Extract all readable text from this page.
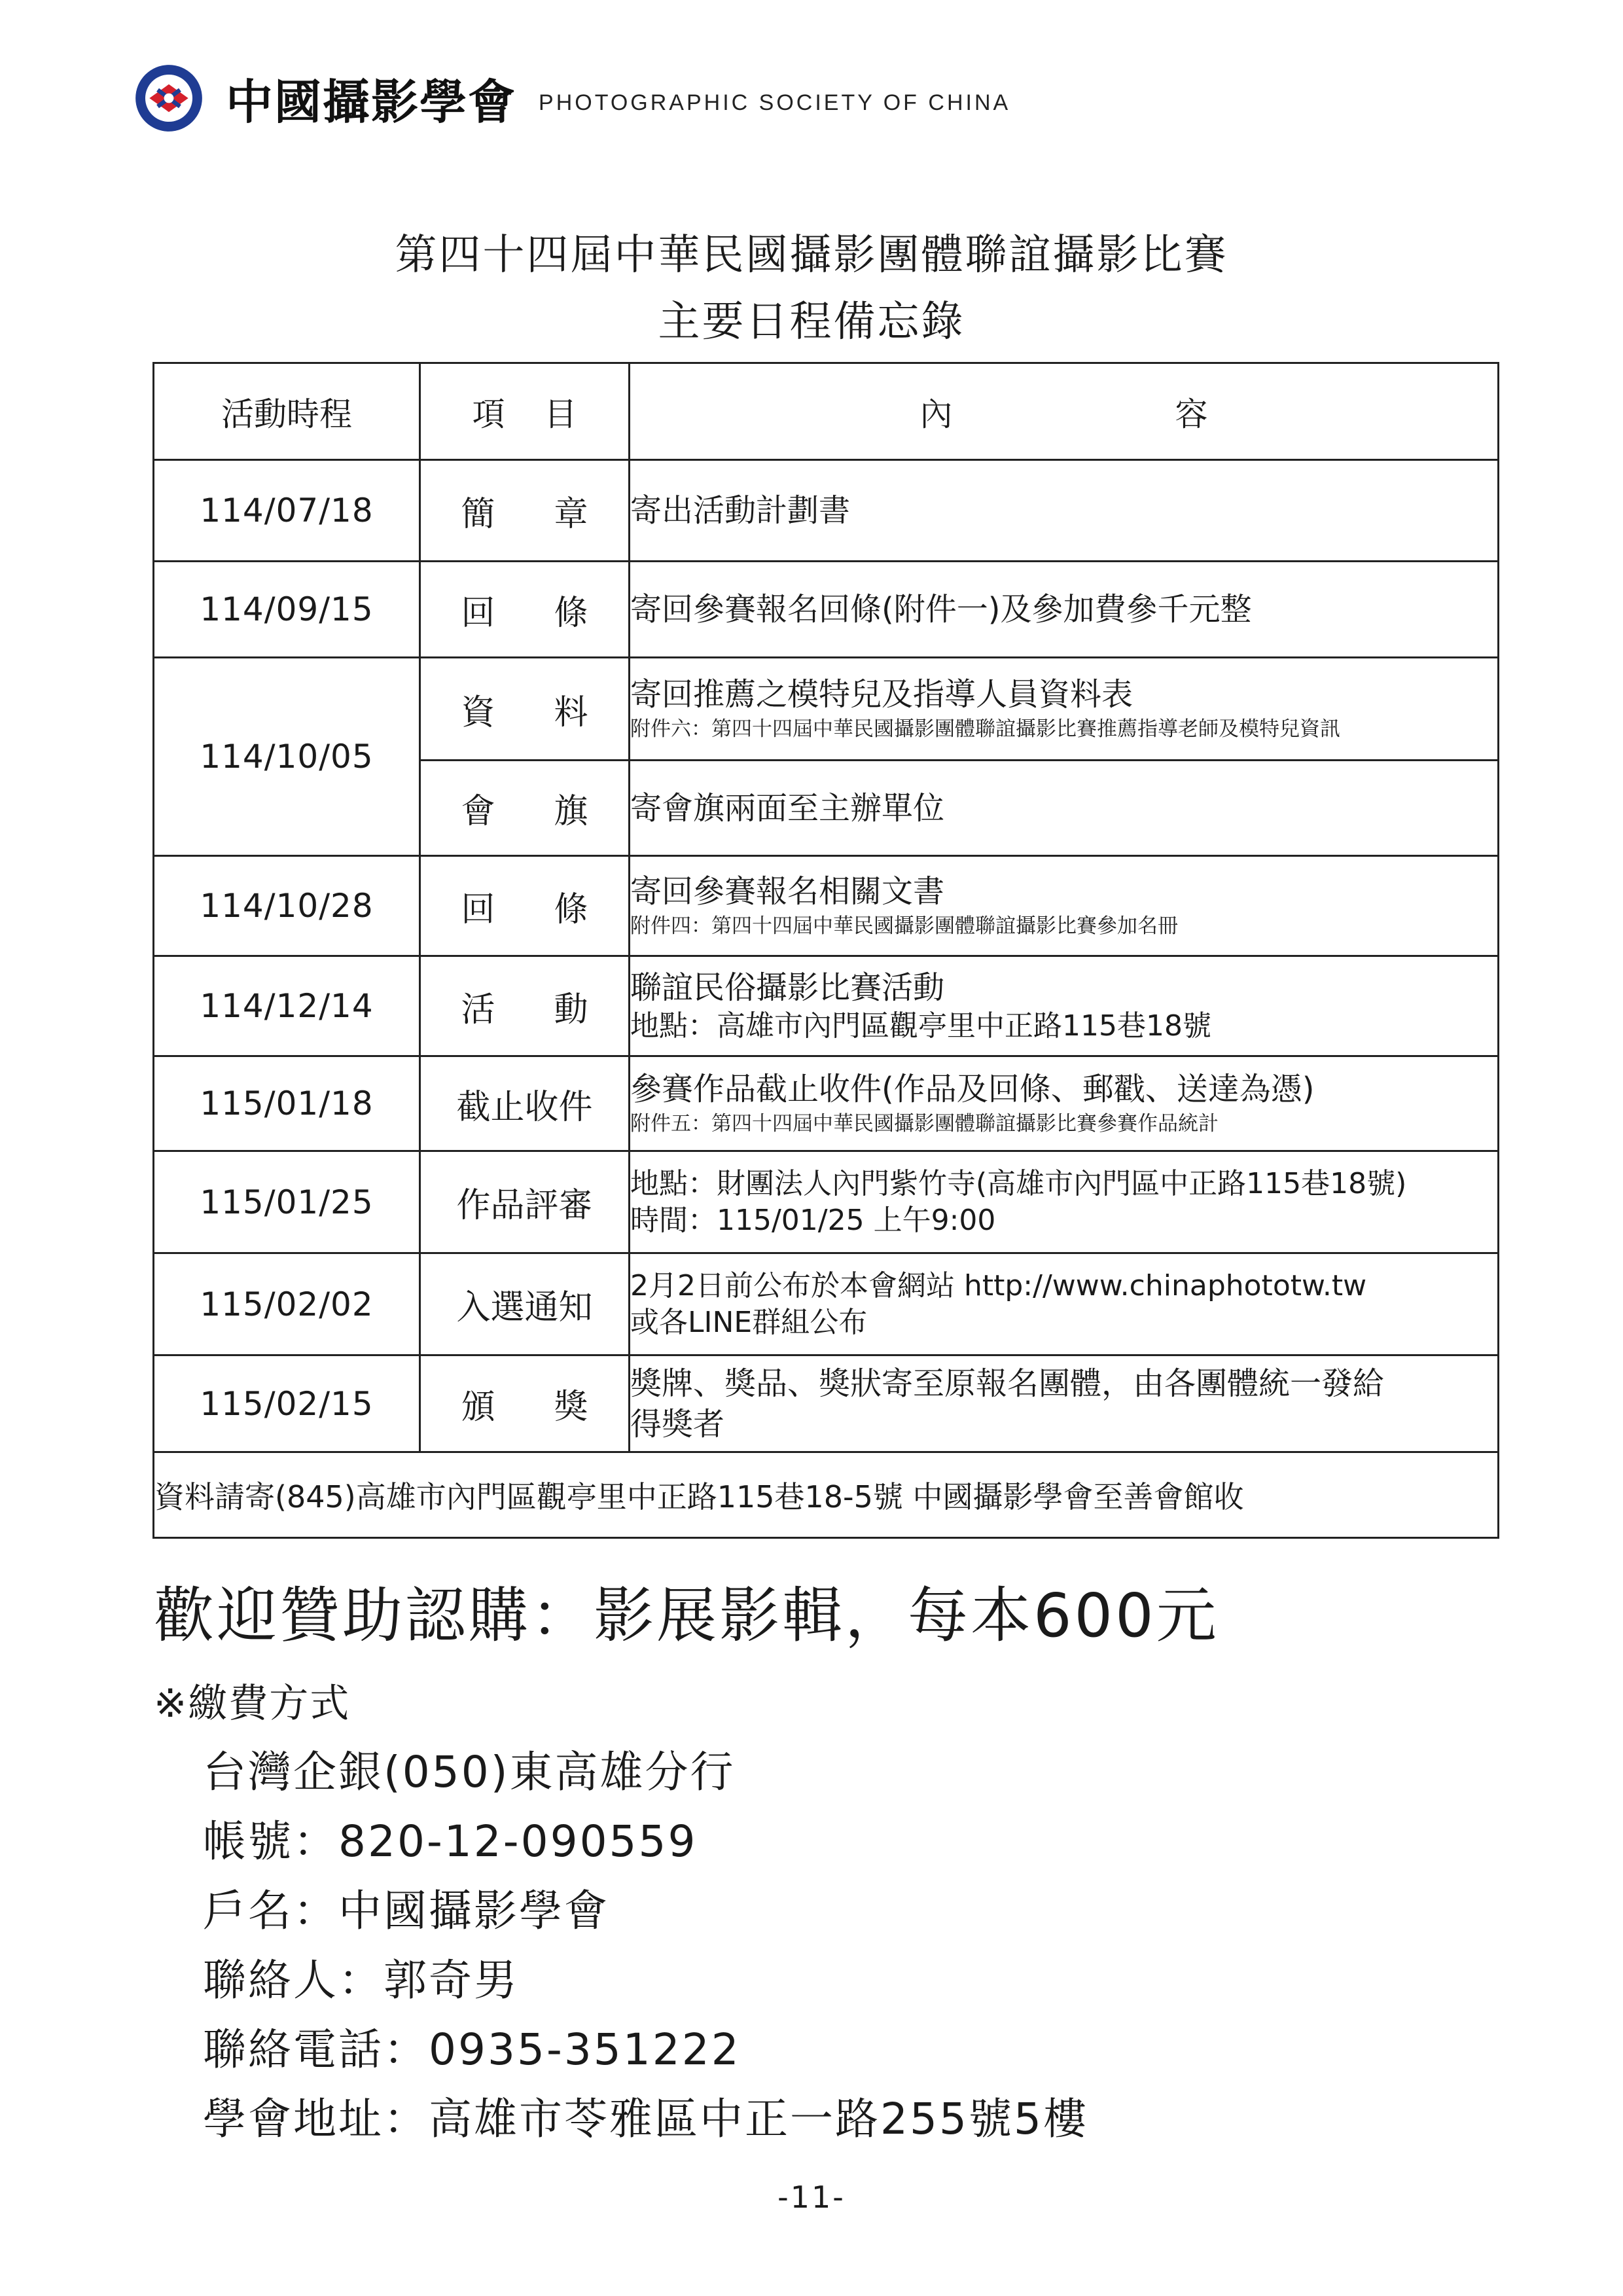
中國攝影學會 PHOTOGRAPHIC SOCIETY OF CHINA
第四十四屆中華民國攝影團體聯誼攝影比賽
主要日程備忘錄
活動時程	項目	內容
114/07/18	簡章	寄出活動計劃書
114/09/15	回條	寄回參賽報名回條(附件一)及參加費參千元整
114/10/05	資料	寄回推薦之模特兒及指導人員資料表
附件六：第四十四屆中華民國攝影團體聯誼攝影比賽推薦指導老師及模特兒資訊

	會旗	寄會旗兩面至主辦單位
114/10/28	回條	寄回參賽報名相關文書
附件四：第四十四屆中華民國攝影團體聯誼攝影比賽參加名冊

114/12/14	活動	聯誼民俗攝影比賽活動
地點：高雄市內門區觀亭里中正路115巷18號

115/01/18	截止收件	參賽作品截止收件(作品及回條、郵戳、送達為憑)
附件五：第四十四屆中華民國攝影團體聯誼攝影比賽參賽作品統計

115/01/25	作品評審	地點：財團法人內門紫竹寺(高雄市內門區中正路115巷18號)
時間：115/01/25 上午9:00

115/02/02	入選通知	2月2日前公布於本會網站 http://www.chinaphototw.tw
或各LINE群組公布

115/02/15	頒獎	獎牌、獎品、獎狀寄至原報名團體，由各團體統一發給
得獎者

資料請寄(845)高雄市內門區觀亭里中正路115巷18-5號 中國攝影學會至善會館收		
歡迎贊助認購：影展影輯，每本600元
※繳費方式
台灣企銀(050)東高雄分行
帳號：820-12-090559
戶名：中國攝影學會
聯絡人：郭奇男
聯絡電話：0935-351222
學會地址：高雄市苓雅區中正一路255號5樓
-11-
